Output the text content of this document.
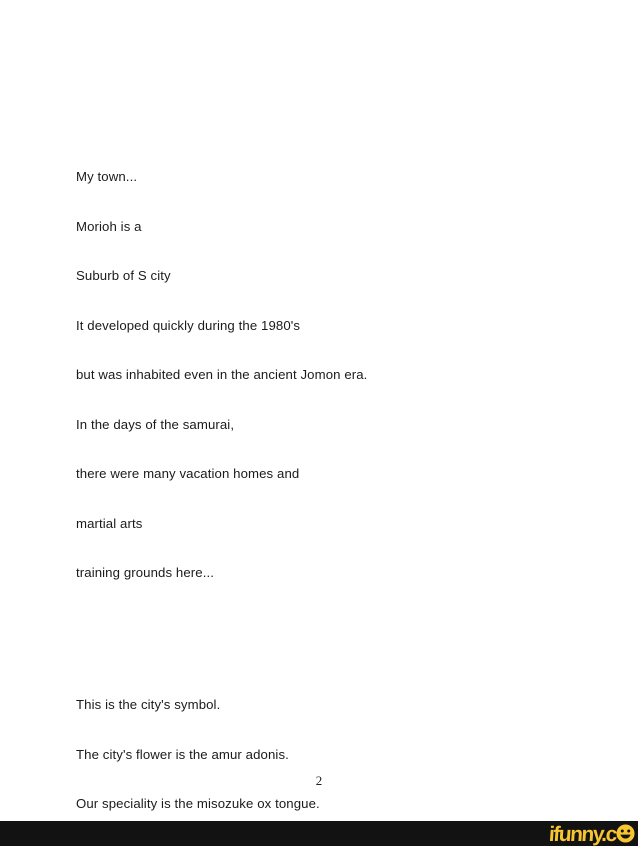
My town...

Morioh is a

Suburb of S city

It developed quickly during the 1980's

but was inhabited even in the ancient Jomon era.

In the days of the samurai,

there were many vacation homes and

martial arts

training grounds here...

This is the city's symbol.

The city's flower is the amur adonis.

Our speciality is the misozuke ox tongue.

2
ifunny.c
